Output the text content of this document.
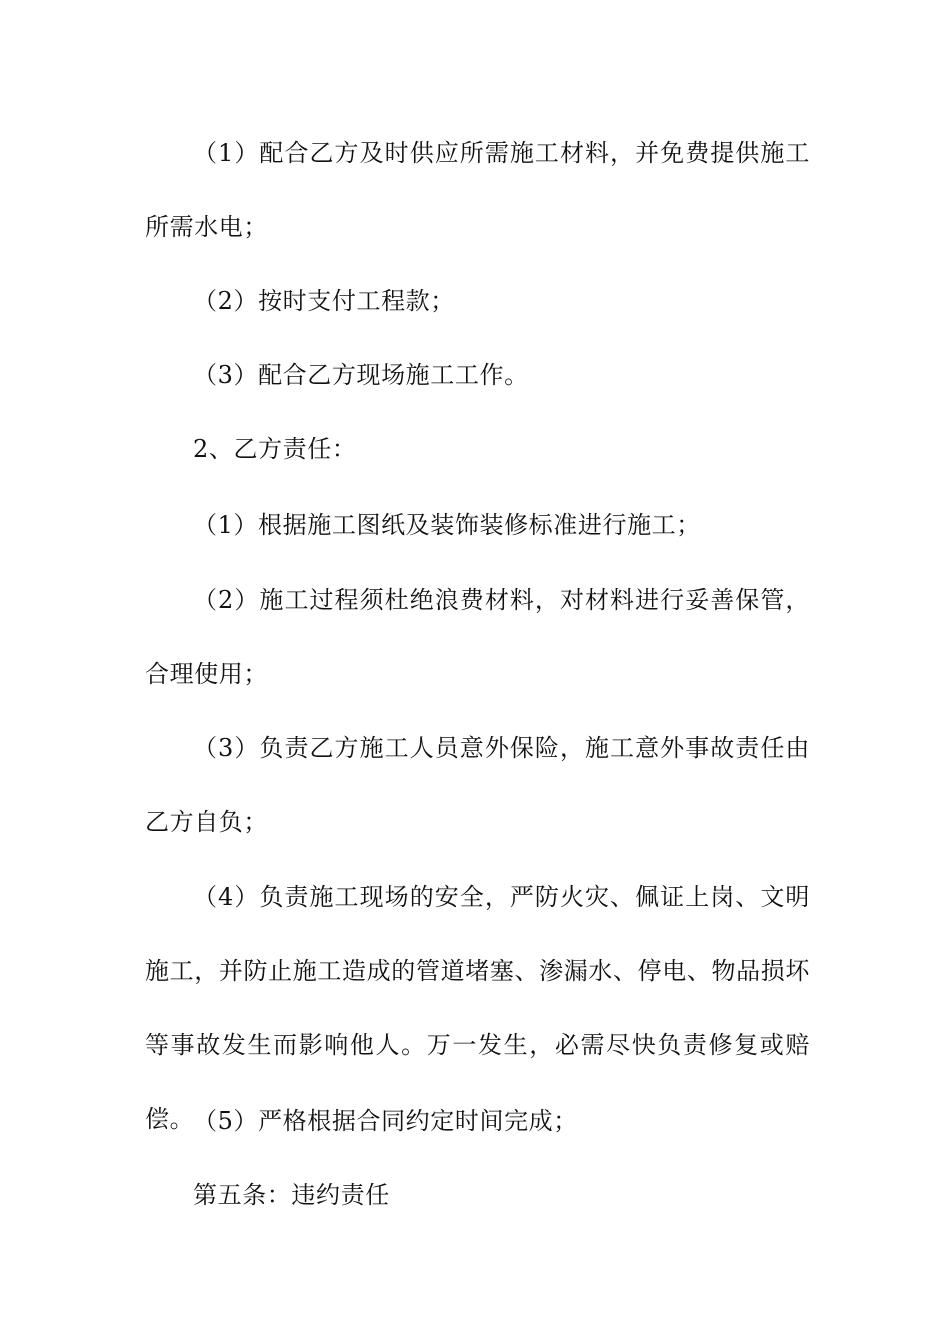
（1）配合乙方及时供应所需施工材料，并免费提供施工所需水电；

（2）按时支付工程款；

（3）配合乙方现场施工工作。

2、乙方责任：

（1）根据施工图纸及装饰装修标准进行施工；

（2）施工过程须杜绝浪费材料，对材料进行妥善保管，合理使用；

（3）负责乙方施工人员意外保险，施工意外事故责任由乙方自负；

（4）负责施工现场的安全，严防火灾、佩证上岗、文明施工，并防止施工造成的管道堵塞、渗漏水、停电、物品损坏等事故发生而影响他人。万一发生，必需尽快负责修复或赔偿。

（5）严格根据合同约定时间完成；

第五条：违约责任
